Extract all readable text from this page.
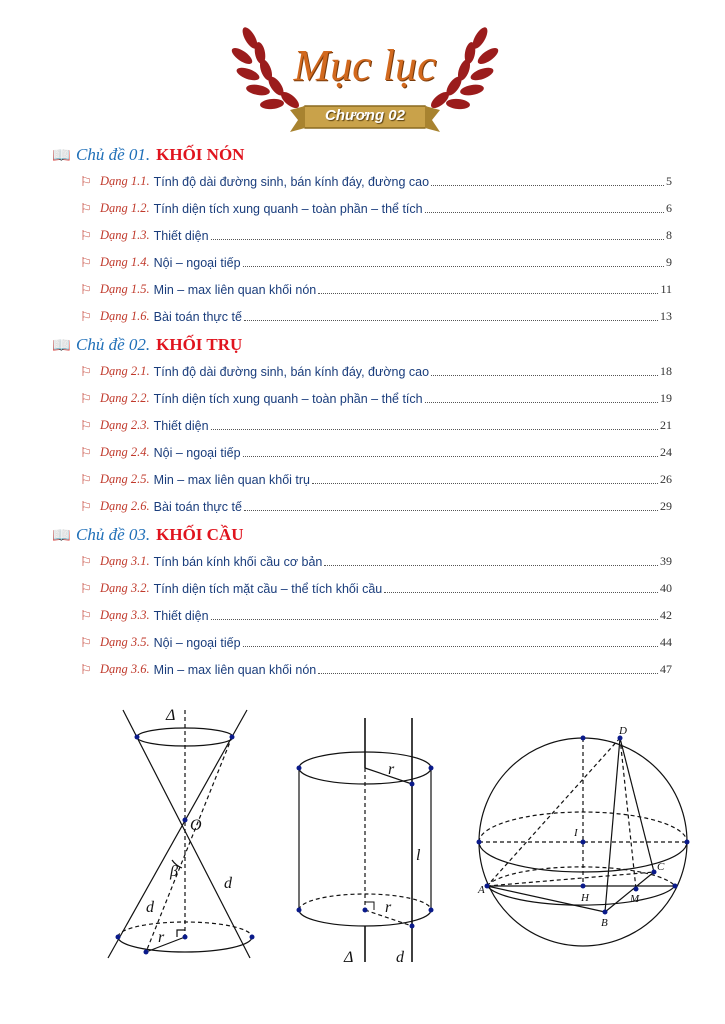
Mục lục
Chương 02
📖 Chủ đề 01. KHỐI NÓN
⚐ Dạng 1.1. Tính độ dài đường sinh, bán kính đáy, đường cao	5
⚐ Dạng 1.2. Tính diện tích xung quanh – toàn phần – thể tích	6
⚐ Dạng 1.3. Thiết diện	8
⚐ Dạng 1.4. Nội – ngoại tiếp	9
⚐ Dạng 1.5. Min – max liên quan khối nón	11
⚐ Dạng 1.6. Bài toán thực tế	13
📖 Chủ đề 02. KHỐI TRỤ
⚐ Dạng 2.1. Tính độ dài đường sinh, bán kính đáy, đường cao	18
⚐ Dạng 2.2. Tính diện tích xung quanh – toàn phần – thể tích	19
⚐ Dạng 2.3. Thiết diện	21
⚐ Dạng 2.4. Nội – ngoại tiếp	24
⚐ Dạng 2.5. Min – max liên quan khối trụ	26
⚐ Dạng 2.6. Bài toán thực tế	29
📖 Chủ đề 03. KHỐI CẦU
⚐ Dạng 3.1. Tính bán kính khối cầu cơ bản	39
⚐ Dạng 3.2. Tính diện tích mặt cầu – thể tích khối cầu	40
⚐ Dạng 3.3. Thiết diện	42
⚐ Dạng 3.5. Nội – ngoại tiếp	44
⚐ Dạng 3.6. Min – max liên quan khối nón	47
Δ
O
β
d
d
r
r
l
r
Δ	d
D
I
C
A
H	M
B
